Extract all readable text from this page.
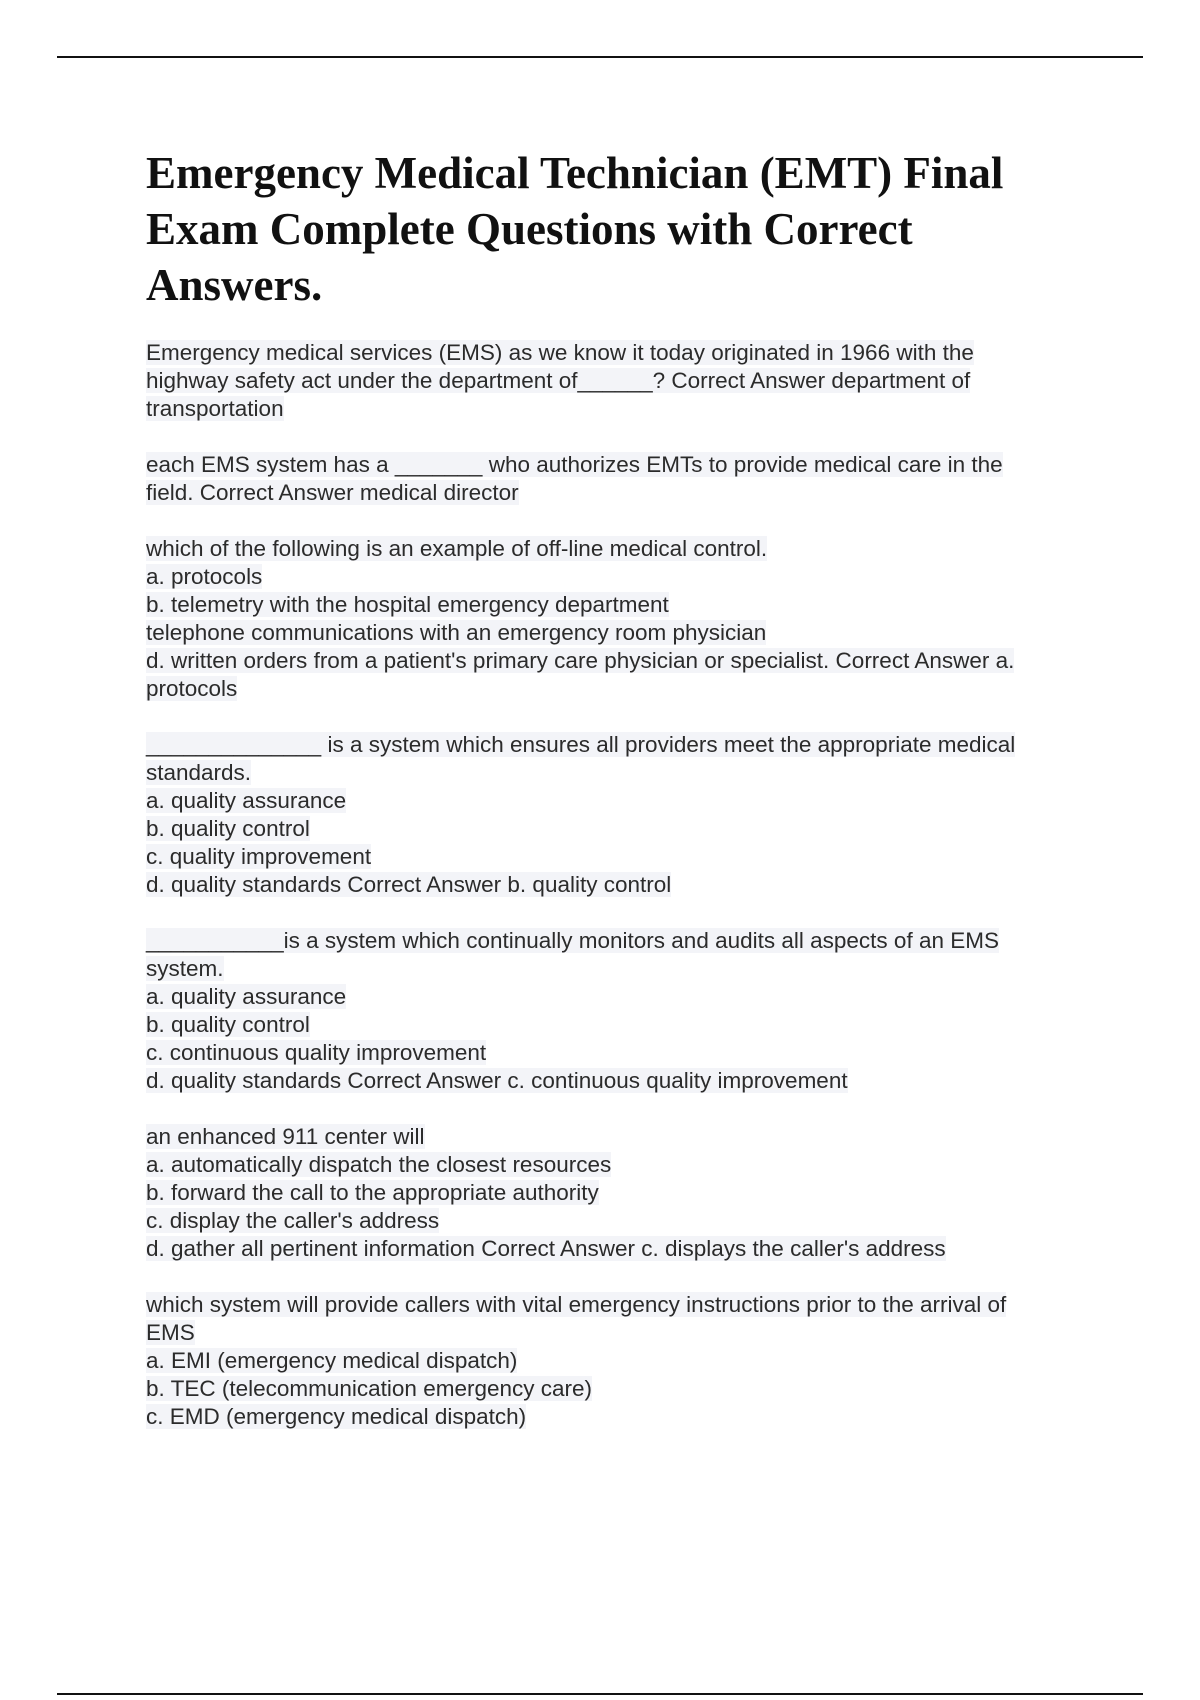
Emergency Medical Technician (EMT) Final Exam Complete Questions with Correct Answers.
Emergency medical services (EMS) as we know it today originated in 1966 with the
highway safety act under the department of______? Correct Answer department of
transportation
each EMS system has a _______ who authorizes EMTs to provide medical care in the
field. Correct Answer medical director
which of the following is an example of off-line medical control.
a. protocols
b. telemetry with the hospital emergency department
telephone communications with an emergency room physician
d. written orders from a patient's primary care physician or specialist. Correct Answer a.
protocols
______________ is a system which ensures all providers meet the appropriate medical
standards.
a. quality assurance
b. quality control
c. quality improvement
d. quality standards Correct Answer b. quality control
___________is a system which continually monitors and audits all aspects of an EMS
system.
a. quality assurance
b. quality control
c. continuous quality improvement
d. quality standards Correct Answer c. continuous quality improvement
an enhanced 911 center will
a. automatically dispatch the closest resources
b. forward the call to the appropriate authority
c. display the caller's address
d. gather all pertinent information Correct Answer c. displays the caller's address
which system will provide callers with vital emergency instructions prior to the arrival of
EMS
a. EMI (emergency medical dispatch)
b. TEC (telecommunication emergency care)
c. EMD (emergency medical dispatch)
